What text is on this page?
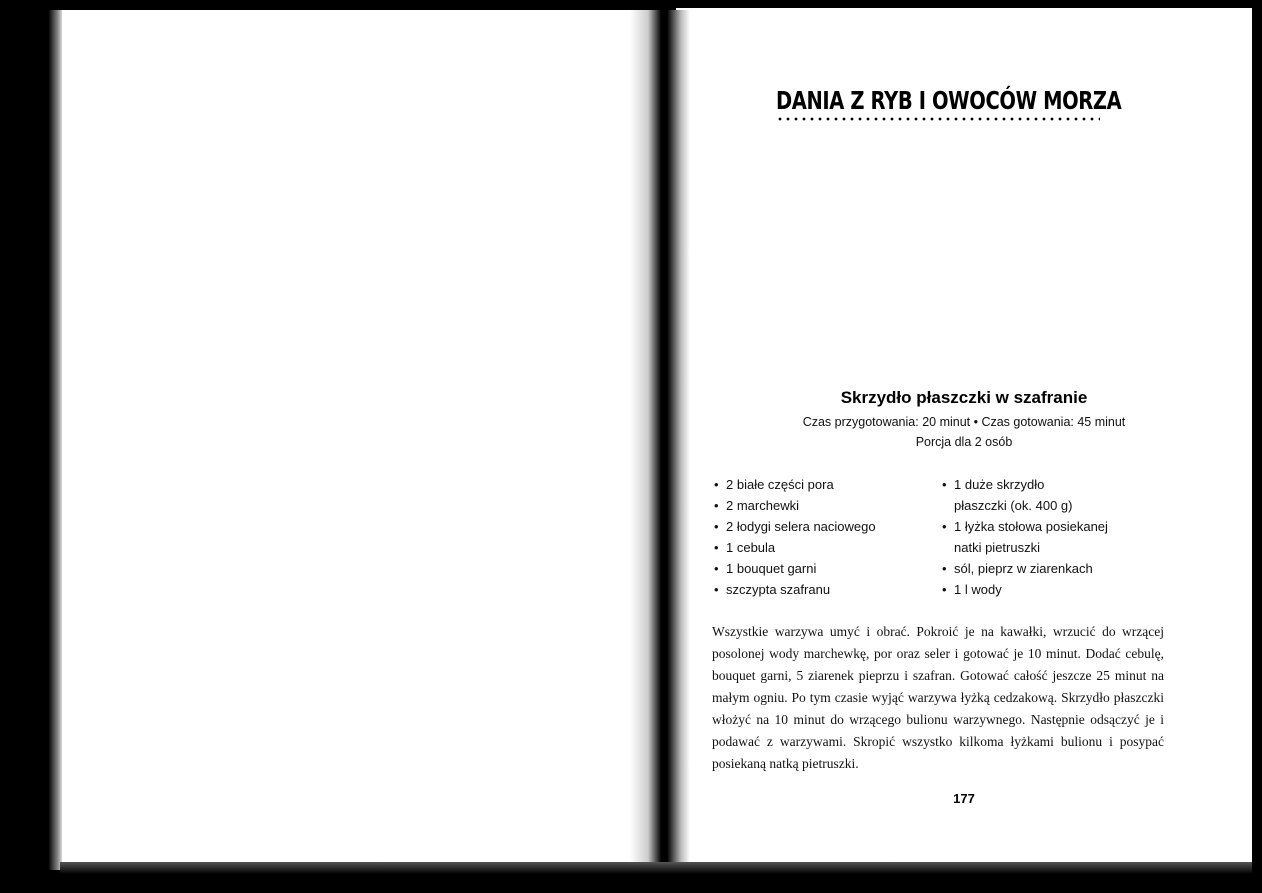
DANIA Z RYB I OWOCÓW MORZA
Skrzydło płaszczki w szafranie
Czas przygotowania: 20 minut • Czas gotowania: 45 minut
Porcja dla 2 osób
• 2 białe części pora
• 2 marchewki
• 2 łodygi selera naciowego
• 1 cebula
• 1 bouquet garni
• szczypta szafranu
• 1 duże skrzydło
płaszczki (ok. 400 g)
• 1 łyżka stołowa posiekanej
natki pietruszki
• sól, pieprz w ziarenkach
• 1 l wody
Wszystkie warzywa umyć i obrać. Pokroić je na kawałki, wrzucić do wrzącej posolonej wody marchewkę, por oraz seler i gotować je 10 minut. Dodać cebulę, bouquet garni, 5 ziarenek pieprzu i szafran. Gotować całość jeszcze 25 minut na małym ogniu. Po tym czasie wyjąć warzywa łyżką cedzakową. Skrzydło płaszczki włożyć na 10 minut do wrzącego bulionu warzywnego. Następnie odsączyć je i podawać z warzywami. Skropić wszystko kilkoma łyżkami bulionu i posypać posiekaną natką pietruszki.
177
